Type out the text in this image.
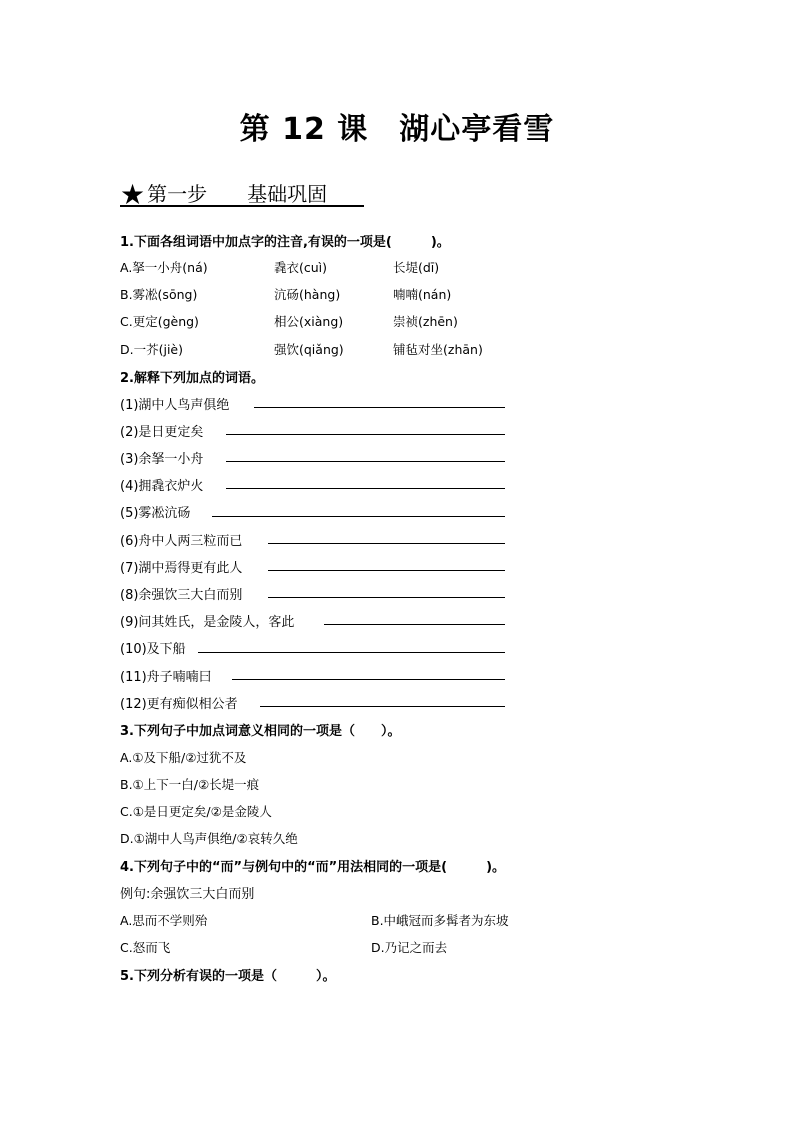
第 12 课　湖心亭看雪
★ 第一步 基础巩固
1.下面各组词语中加点字的注音,有误的一项是(　　　)。
A.拏一小舟(ná)	毳衣(cuì)	长堤(dī)
B.雾凇(sōng)	沆砀(hàng)	喃喃(nán)
C.更定(gèng)	相公(xiàng)	崇祯(zhēn)
D.一芥(jiè)	强饮(qiǎng)	铺毡对坐(zhān)
2.解释下列加点的词语。
(1)湖中人鸟声俱绝
(2)是日更定矣
(3)余拏一小舟
(4)拥毳衣炉火
(5)雾凇沆砀
(6)舟中人两三粒而已
(7)湖中焉得更有此人
(8)余强饮三大白而别
(9)问其姓氏，是金陵人，客此
(10)及下船
(11)舟子喃喃曰
(12)更有痴似相公者
3.下列句子中加点词意义相同的一项是（　　）。
A.①及下船/②过犹不及
B.①上下一白/②长堤一痕
C.①是日更定矣/②是金陵人
D.①湖中人鸟声俱绝/②哀转久绝
4.下列句子中的“而”与例句中的“而”用法相同的一项是(　　　)。
例句:余强饮三大白而别
A.思而不学则殆	B.中峨冠而多髯者为东坡
C.怒而飞	D.乃记之而去
5.下列分析有误的一项是（　　　）。
